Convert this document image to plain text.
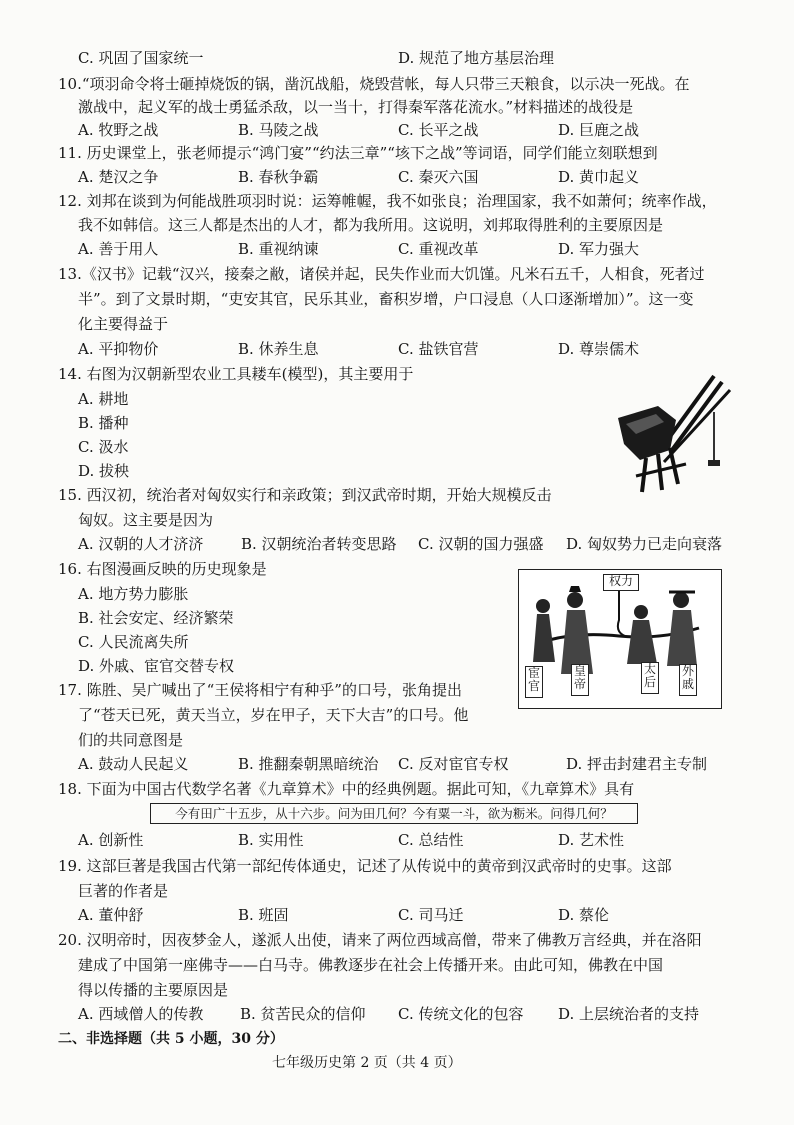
C. 巩固了国家统一	D. 规范了地方基层治理
10.“项羽命令将士砸掉烧饭的锅，凿沉战船，烧毁营帐，每人只带三天粮食，以示决一死战。在
激战中，起义军的战士勇猛杀敌，以一当十，打得秦军落花流水。”材料描述的战役是
A. 牧野之战	B. 马陵之战	C. 长平之战	D. 巨鹿之战
11. 历史课堂上，张老师提示“鸿门宴”“约法三章”“垓下之战”等词语，同学们能立刻联想到
A. 楚汉之争	B. 春秋争霸	C. 秦灭六国	D. 黄巾起义
12. 刘邦在谈到为何能战胜项羽时说：运筹帷幄，我不如张良；治理国家，我不如萧何；统率作战，
我不如韩信。这三人都是杰出的人才，都为我所用。这说明，刘邦取得胜利的主要原因是
A. 善于用人	B. 重视纳谏	C. 重视改革	D. 军力强大
13.《汉书》记载“汉兴，接秦之敝，诸侯并起，民失作业而大饥馑。凡米石五千，人相食，死者过
半”。到了文景时期，“吏安其官，民乐其业，畜积岁增，户口浸息（人口逐渐增加）”。这一变
化主要得益于
A. 平抑物价	B. 休养生息	C. 盐铁官营	D. 尊崇儒术
14. 右图为汉朝新型农业工具耧车(模型)，其主要用于
A. 耕地
B. 播种
C. 汲水
D. 拔秧
15. 西汉初，统治者对匈奴实行和亲政策；到汉武帝时期，开始大规模反击
匈奴。这主要是因为
A. 汉朝的人才济济	B. 汉朝统治者转变思路 C. 汉朝的国力强盛 D. 匈奴势力已走向衰落
16. 右图漫画反映的历史现象是
A. 地方势力膨胀
B. 社会安定、经济繁荣
C. 人民流离失所
D. 外戚、宦官交替专权
权力
宦官
皇帝
太后
外戚
17. 陈胜、吴广喊出了“王侯将相宁有种乎”的口号，张角提出
了“苍天已死，黄天当立，岁在甲子，天下大吉”的口号。他
们的共同意图是
A. 鼓动人民起义	B. 推翻秦朝黑暗统治 C. 反对宦官专权	D. 抨击封建君主专制
18. 下面为中国古代数学名著《九章算术》中的经典例题。据此可知，《九章算术》具有
今有田广十五步，从十六步。问为田几何？今有粟一斗，欲为粝米。问得几何？
A. 创新性	B. 实用性	C. 总结性	D. 艺术性
19. 这部巨著是我国古代第一部纪传体通史，记述了从传说中的黄帝到汉武帝时的史事。这部
巨著的作者是
A. 董仲舒	B. 班固	C. 司马迁	D. 蔡伦
20. 汉明帝时，因夜梦金人，遂派人出使，请来了两位西域高僧，带来了佛教万言经典，并在洛阳
建成了中国第一座佛寺——白马寺。佛教逐步在社会上传播开来。由此可知，佛教在中国
得以传播的主要原因是
A. 西域僧人的传教 B. 贫苦民众的信仰 C. 传统文化的包容 D. 上层统治者的支持
二、非选择题（共 5 小题，30 分）
七年级历史第 2 页（共 4 页）
